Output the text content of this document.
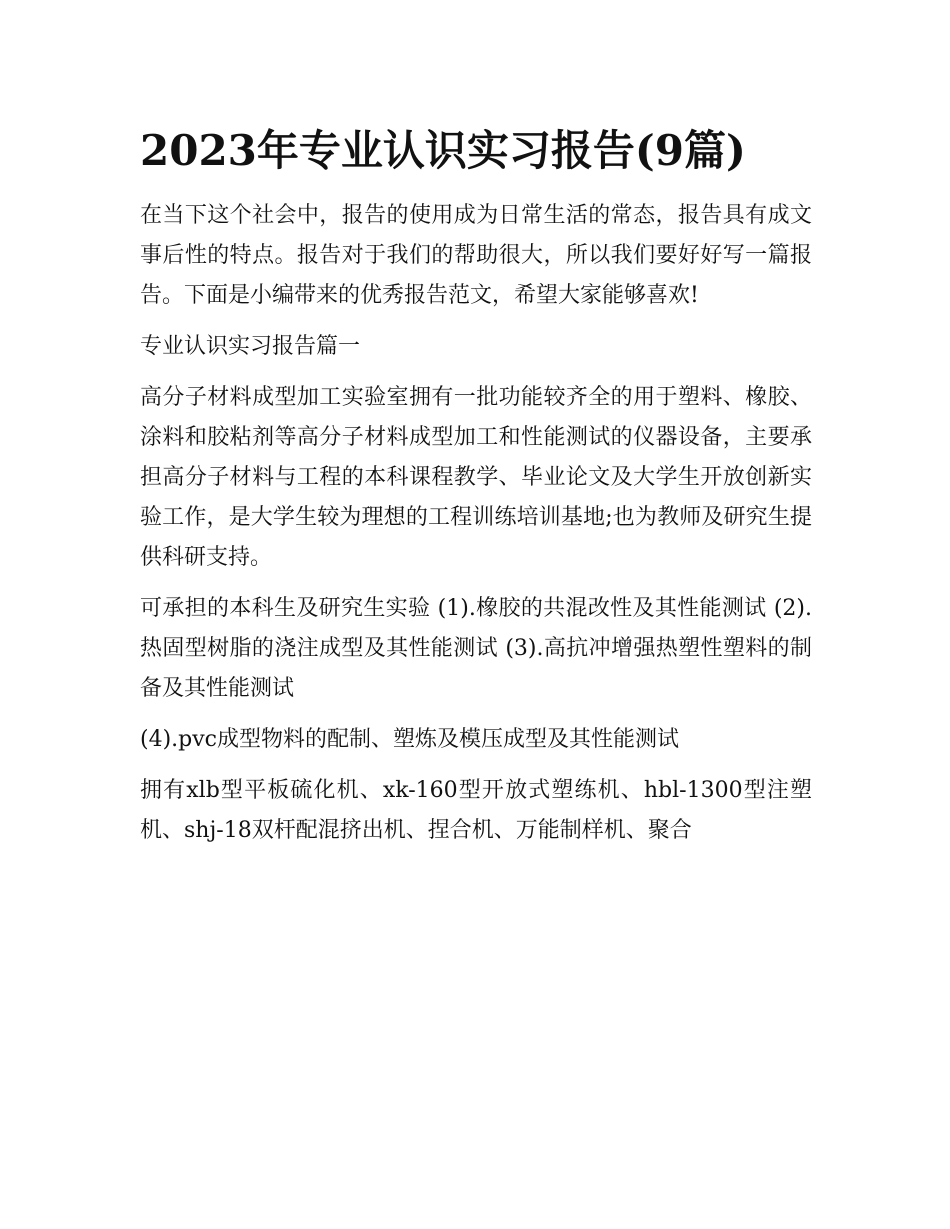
2023年专业认识实习报告(9篇)

在当下这个社会中，报告的使用成为日常生活的常态，报告具有成文事后性的特点。报告对于我们的帮助很大，所以我们要好好写一篇报告。下面是小编带来的优秀报告范文，希望大家能够喜欢!

专业认识实习报告篇一

高分子材料成型加工实验室拥有一批功能较齐全的用于塑料、橡胶、涂料和胶粘剂等高分子材料成型加工和性能测试的仪器设备，主要承担高分子材料与工程的本科课程教学、毕业论文及大学生开放创新实验工作，是大学生较为理想的工程训练培训基地;也为教师及研究生提供科研支持。

可承担的本科生及研究生实验 (1).橡胶的共混改性及其性能测试 (2).热固型树脂的浇注成型及其性能测试 (3).高抗冲增强热塑性塑料的制备及其性能测试

(4).pvc成型物料的配制、塑炼及模压成型及其性能测试

拥有xlb型平板硫化机、xk-160型开放式塑练机、hbl-1300型注塑机、shj-18双杆配混挤出机、捏合机、万能制样机、聚合
